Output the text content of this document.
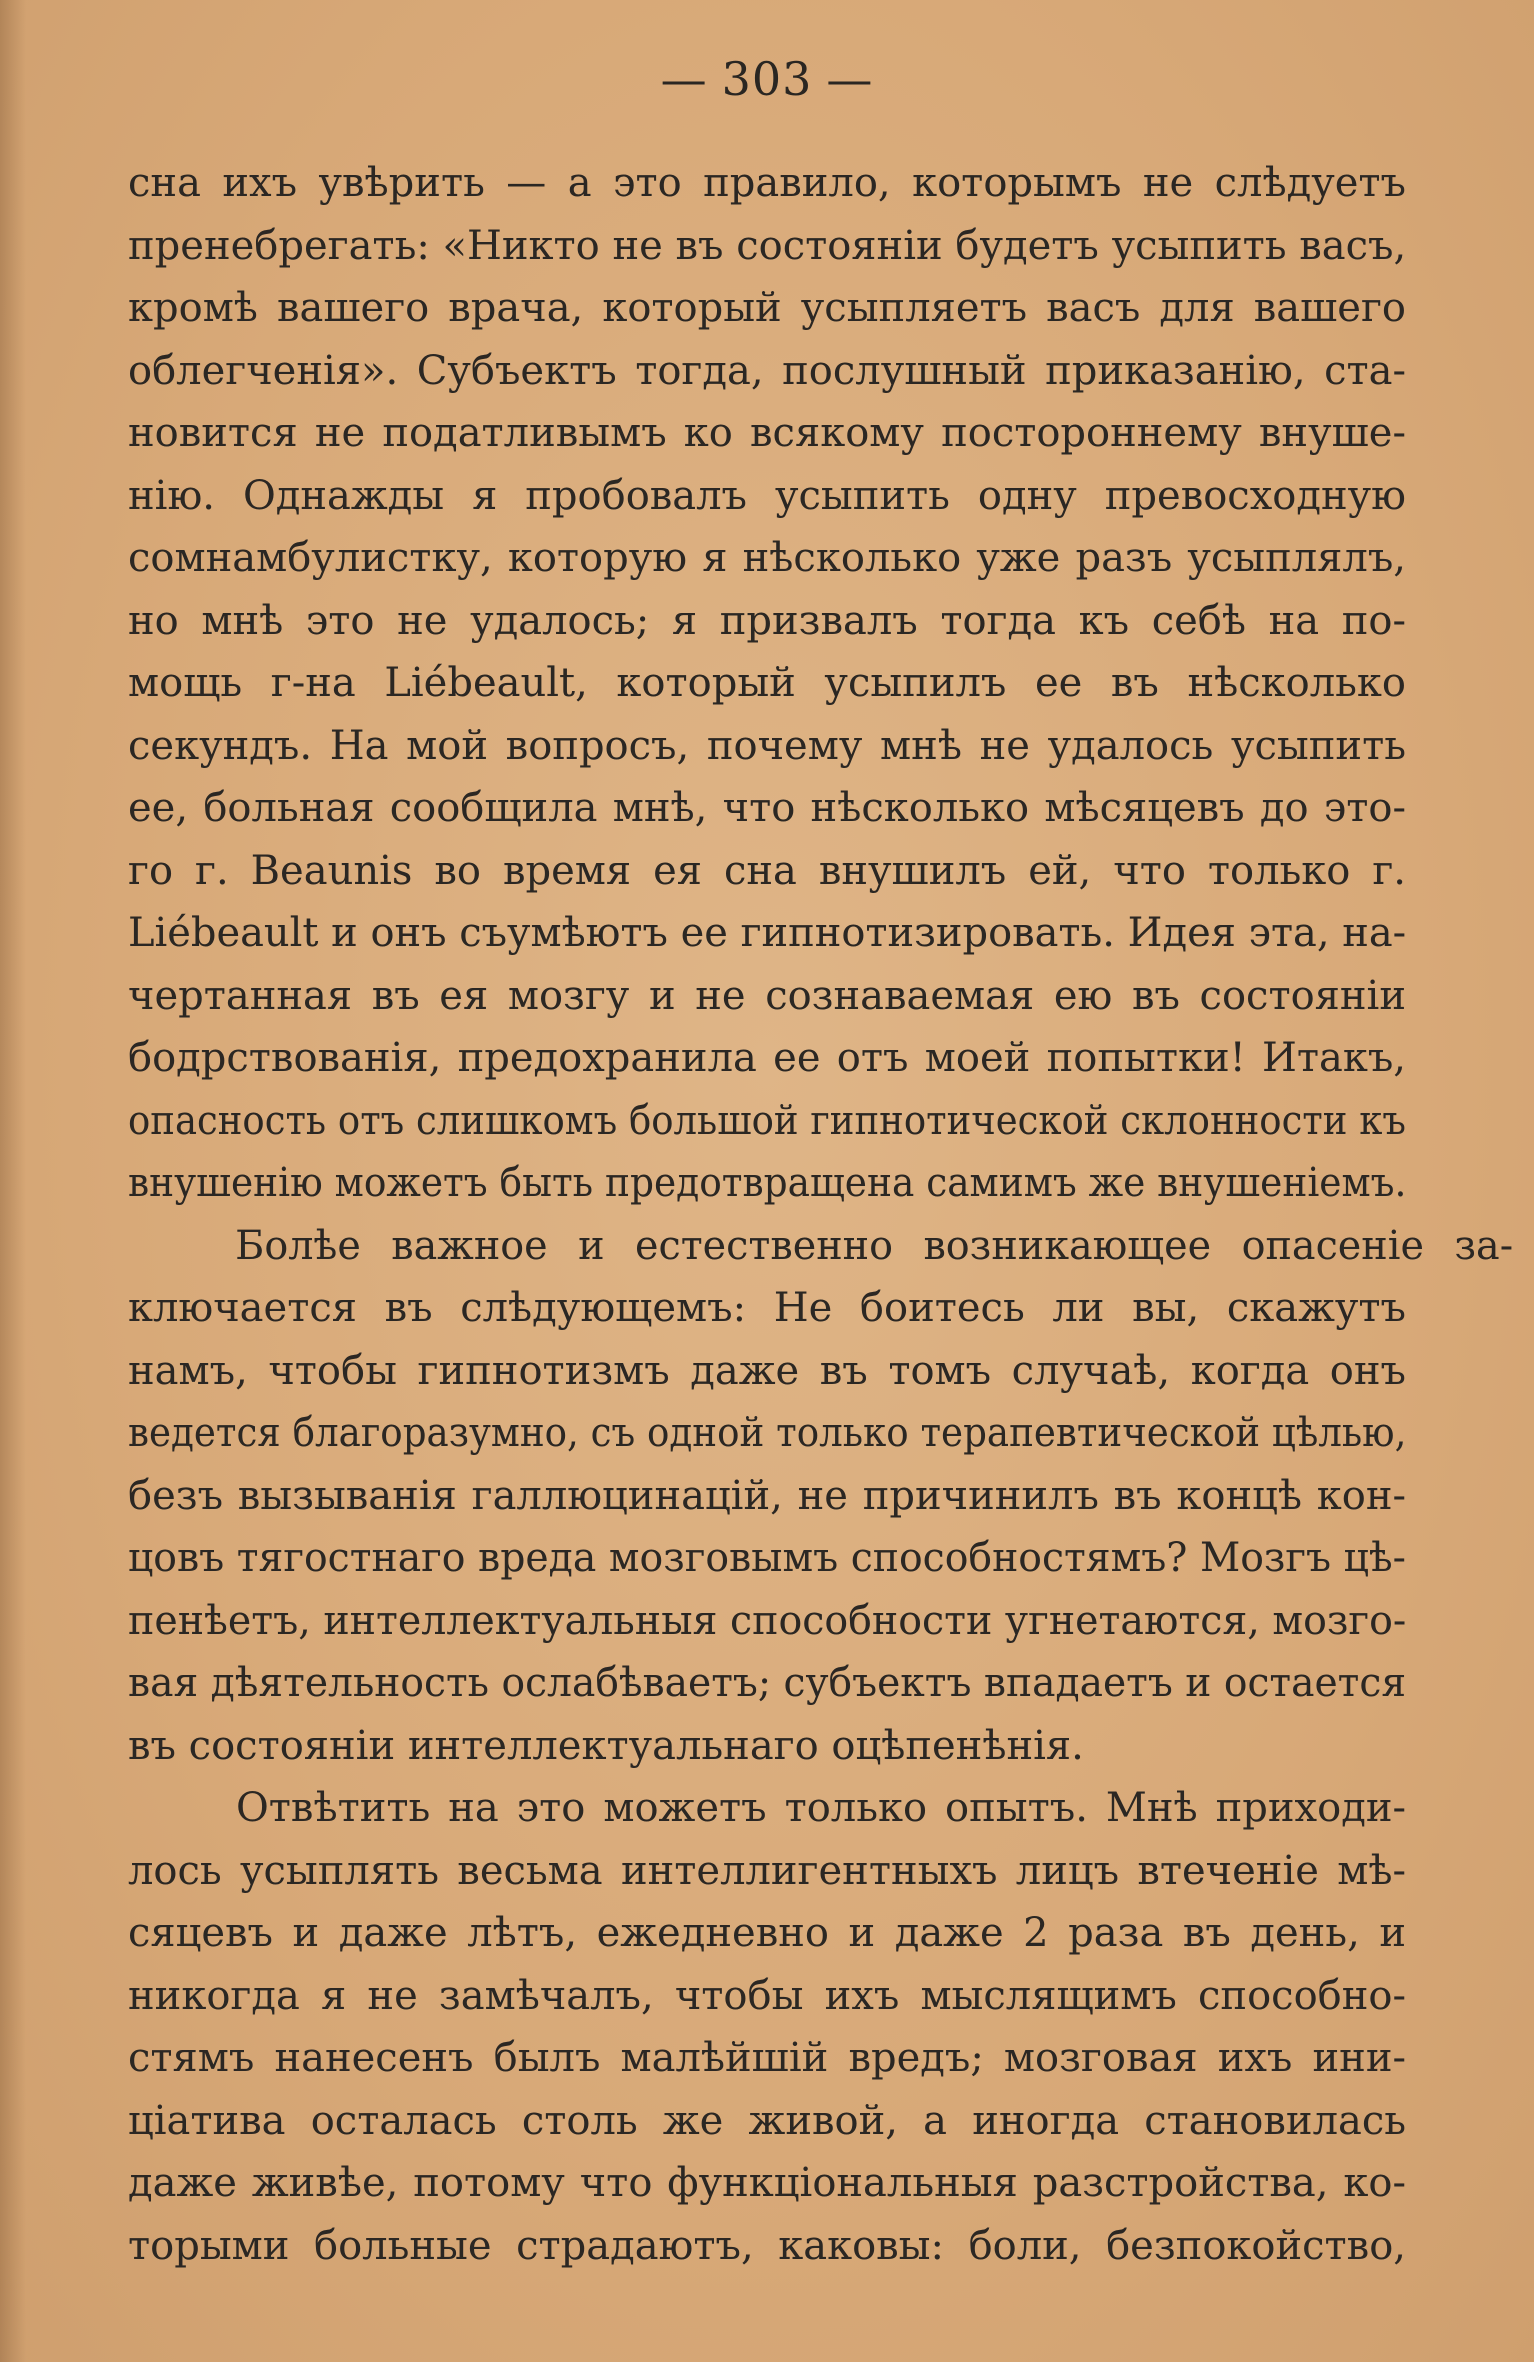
— 303 —
сна ихъ увѣрить — а это правило, которымъ не слѣдуетъ
пренебрегать: «Никто не въ состоянiи будетъ усыпить васъ,
кромѣ вашего врача, который усыпляетъ васъ для вашего
облегченiя». Субъектъ тогда, послушный приказанiю, ста-
новится не податливымъ ко всякому постороннему внуше-
нiю. Однажды я пробовалъ усыпить одну превосходную
сомнамбулистку, которую я нѣсколько уже разъ усыплялъ,
но мнѣ это не удалось; я призвалъ тогда къ себѣ на по-
мощь г-на Liébeault, который усыпилъ ее въ нѣсколько
секундъ. На мой вопросъ, почему мнѣ не удалось усыпить
ее, больная сообщила мнѣ, что нѣсколько мѣсяцевъ до это-
го г. Beaunis во время ея сна внушилъ ей, что только г.
Liébeault и онъ съумѣютъ ее гипнотизировать. Идея эта, на-
чертанная въ ея мозгу и не сознаваемая ею въ состоянiи
бодрствованiя, предохранила ее отъ моей попытки! Итакъ,
опасность отъ слишкомъ большой гипнотической склонности къ
внушенiю можетъ быть предотвращена самимъ же внушенiемъ.
Болѣе важное и естественно возникающее опасенiе за-
ключается въ слѣдующемъ: Не боитесь ли вы, скажутъ
намъ, чтобы гипнотизмъ даже въ томъ случаѣ, когда онъ
ведется благоразумно, съ одной только терапевтической цѣлью,
безъ вызыванiя галлюцинацiй, не причинилъ въ концѣ кон-
цовъ тягостнаго вреда мозговымъ способностямъ? Мозгъ цѣ-
пенѣетъ, интеллектуальныя способности угнетаются, мозго-
вая дѣятельность ослабѣваетъ; субъектъ впадаетъ и остается
въ состоянiи интеллектуальнаго оцѣпенѣнiя.
Отвѣтить на это можетъ только опытъ. Мнѣ приходи-
лось усыплять весьма интеллигентныхъ лицъ втеченiе мѣ-
сяцевъ и даже лѣтъ, ежедневно и даже 2 раза въ день, и
никогда я не замѣчалъ, чтобы ихъ мыслящимъ способно-
стямъ нанесенъ былъ малѣйшiй вредъ; мозговая ихъ ини-
цiатива осталась столь же живой, а иногда становилась
даже живѣе, потому что функцiональныя разстройства, ко-
торыми больные страдаютъ, каковы: боли, безпокойство,
